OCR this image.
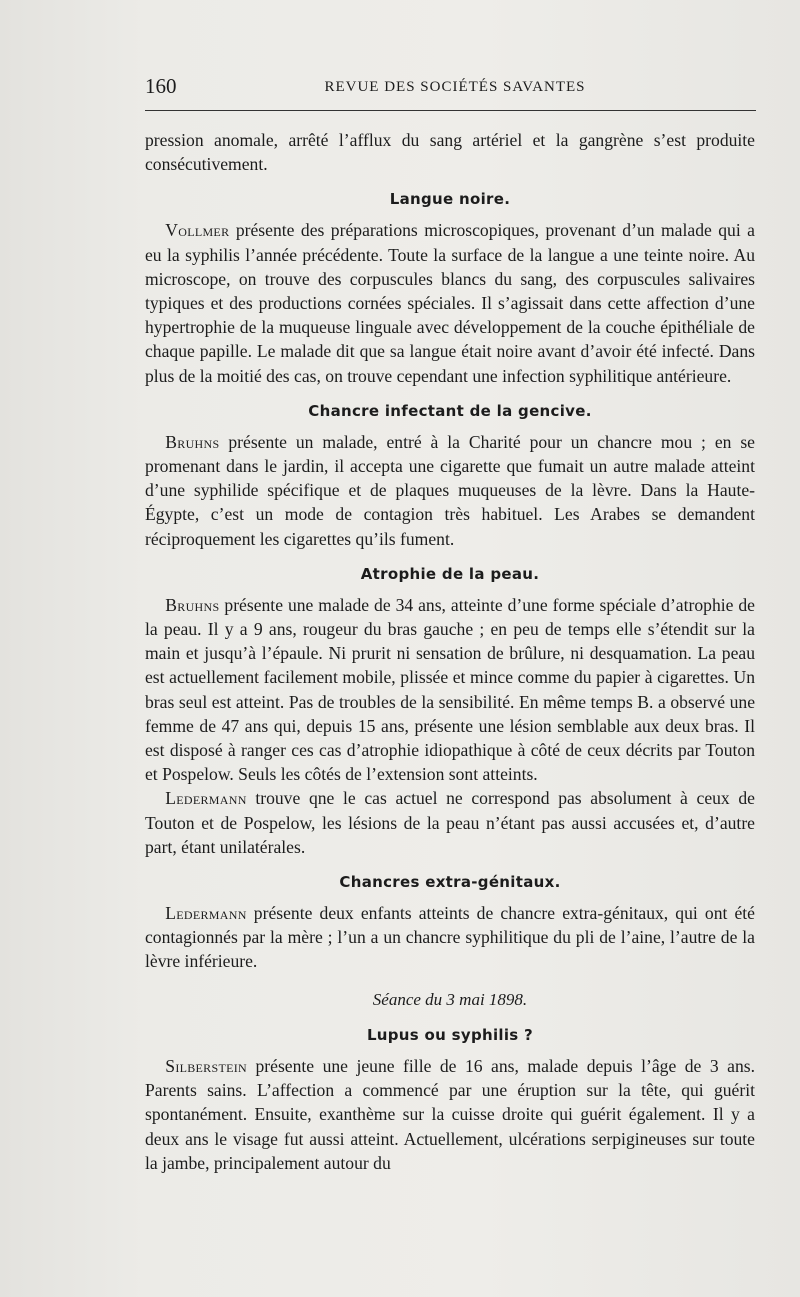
160	REVUE DES SOCIÉTÉS SAVANTES

pression anomale, arrêté l’afflux du sang artériel et la gangrène s’est produite consécutivement.

Langue noire.

Vollmer présente des préparations microscopiques, provenant d’un malade qui a eu la syphilis l’année précédente. Toute la surface de la langue a une teinte noire. Au microscope, on trouve des corpuscules blancs du sang, des corpuscules salivaires typiques et des productions cornées spéciales. Il s’agissait dans cette affection d’une hypertrophie de la muqueuse linguale avec développement de la couche épithéliale de chaque papille. Le malade dit que sa langue était noire avant d’avoir été infecté. Dans plus de la moitié des cas, on trouve cependant une infection syphilitique antérieure.

Chancre infectant de la gencive.

Bruhns présente un malade, entré à la Charité pour un chancre mou ; en se promenant dans le jardin, il accepta une cigarette que fumait un autre malade atteint d’une syphilide spécifique et de plaques muqueuses de la lèvre. Dans la Haute-Égypte, c’est un mode de contagion très habituel. Les Arabes se demandent réciproquement les cigarettes qu’ils fument.

Atrophie de la peau.

Bruhns présente une malade de 34 ans, atteinte d’une forme spéciale d’atrophie de la peau. Il y a 9 ans, rougeur du bras gauche ; en peu de temps elle s’étendit sur la main et jusqu’à l’épaule. Ni prurit ni sensation de brûlure, ni desquamation. La peau est actuellement facilement mobile, plissée et mince comme du papier à cigarettes. Un bras seul est atteint. Pas de troubles de la sensibilité. En même temps B. a observé une femme de 47 ans qui, depuis 15 ans, présente une lésion semblable aux deux bras. Il est disposé à ranger ces cas d’atrophie idiopathique à côté de ceux décrits par Touton et Pospelow. Seuls les côtés de l’extension sont atteints.

Ledermann trouve qne le cas actuel ne correspond pas absolument à ceux de Touton et de Pospelow, les lésions de la peau n’étant pas aussi accusées et, d’autre part, étant unilatérales.

Chancres extra-génitaux.

Ledermann présente deux enfants atteints de chancre extra-génitaux, qui ont été contagionnés par la mère ; l’un a un chancre syphilitique du pli de l’aine, l’autre de la lèvre inférieure.

Séance du 3 mai 1898.
Lupus ou syphilis ?

Silberstein présente une jeune fille de 16 ans, malade depuis l’âge de 3 ans. Parents sains. L’affection a commencé par une éruption sur la tête, qui guérit spontanément. Ensuite, exanthème sur la cuisse droite qui guérit également. Il y a deux ans le visage fut aussi atteint. Actuellement, ulcérations serpigineuses sur toute la jambe, principalement autour du
